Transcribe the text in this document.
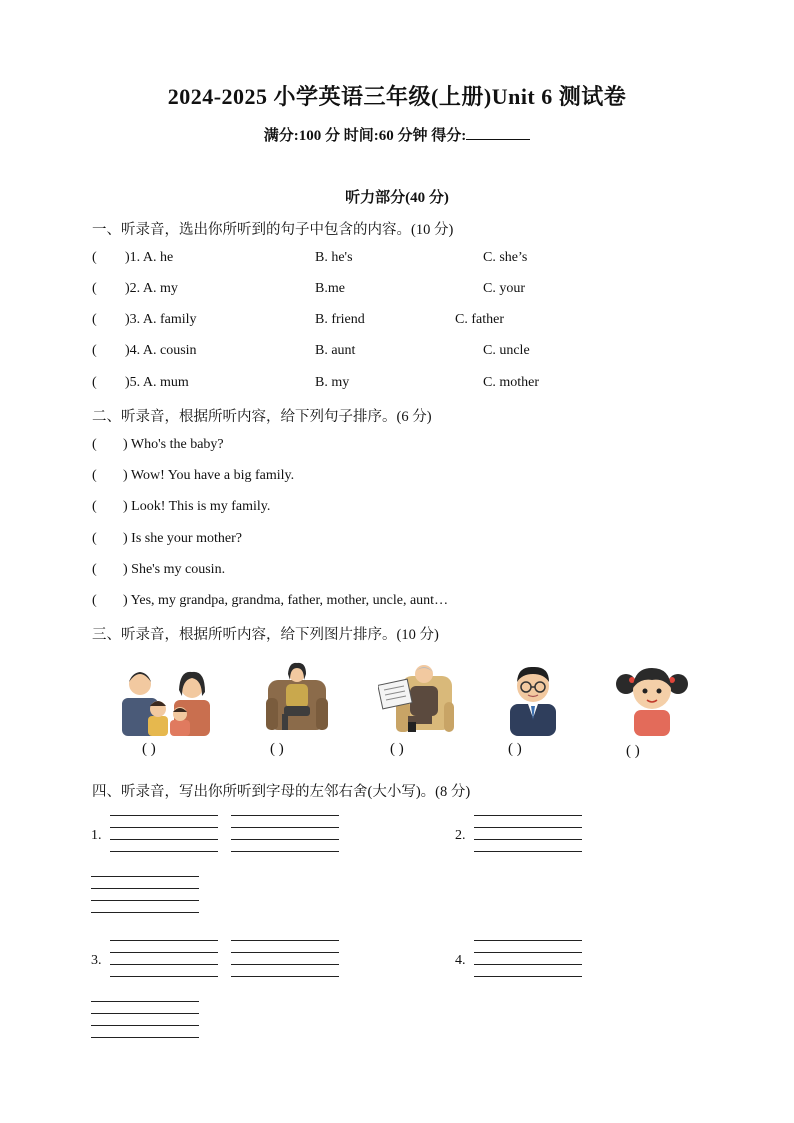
2024-2025 小学英语三年级(上册)Unit 6 测试卷
满分:100 分 时间:60 分钟 得分:
听力部分(40 分)
一、听录音，选出你所听到的句子中包含的内容。(10 分)
( )1. A. he	B. he's	C. she’s
( )2. A. my	B.me	C. your
( )3. A. family	B. friend	C. father
( )4. A. cousin	B. aunt	C. uncle
( )5. A. mum	B. my	C. mother
二、听录音，根据所听内容，给下列句子排序。(6 分)
( ) Who's the baby?
( ) Wow! You have a big family.
( ) Look! This is my family.
( ) Is she your mother?
( ) She's my cousin.
( ) Yes, my grandpa, grandma, father, mother, uncle, aunt…
三、听录音，根据所听内容，给下列图片排序。(10 分)
( )	( )	( )	( )	( )
四、听录音，写出你所听到字母的左邻右舍(大小写)。(8 分)
1.	2.
3.	4.
